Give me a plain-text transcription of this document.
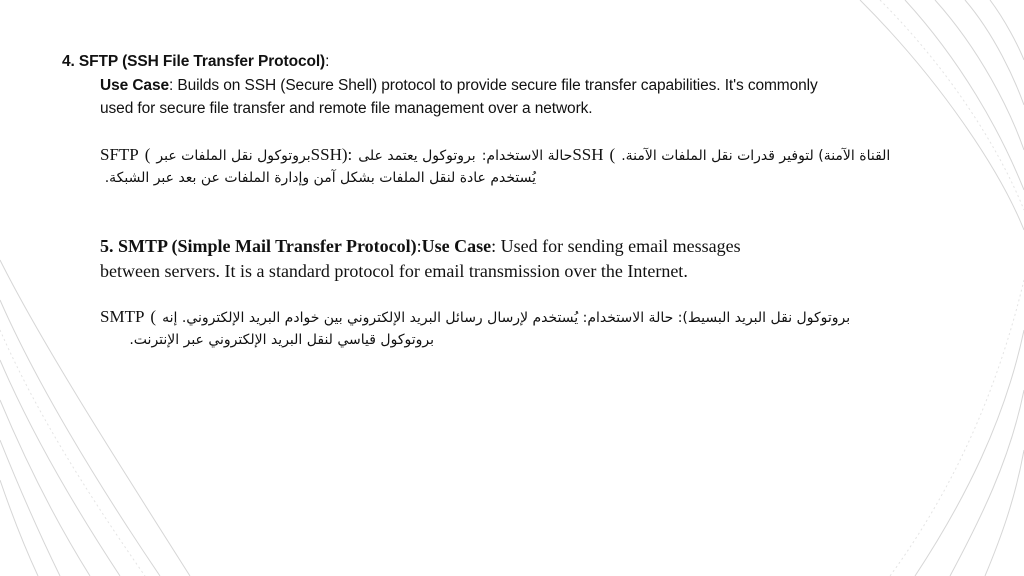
4. SFTP (SSH File Transfer Protocol):
Use Case: Builds on SSH (Secure Shell) protocol to provide secure file transfer capabilities. It's commonly
used for secure file transfer and remote file management over a network.
SFTP ( بروتوكول نقل الملفات عبر SSH): بروتوكول يعتمد على حالة الاستخدام: SSH ( القناة الآمنة) لتوفير قدرات نقل الملفات الآمنة.
يُستخدم عادة لنقل الملفات بشكل آمن وإدارة الملفات عن بعد عبر الشبكة.
5. SMTP (Simple Mail Transfer Protocol):Use Case: Used for sending email messages
between servers. It is a standard protocol for email transmission over the Internet.
SMTP ( بروتوكول نقل البريد البسيط): حالة الاستخدام: يُستخدم لإرسال رسائل البريد الإلكتروني بين خوادم البريد الإلكتروني. إنه
بروتوكول قياسي لنقل البريد الإلكتروني عبر الإنترنت.
